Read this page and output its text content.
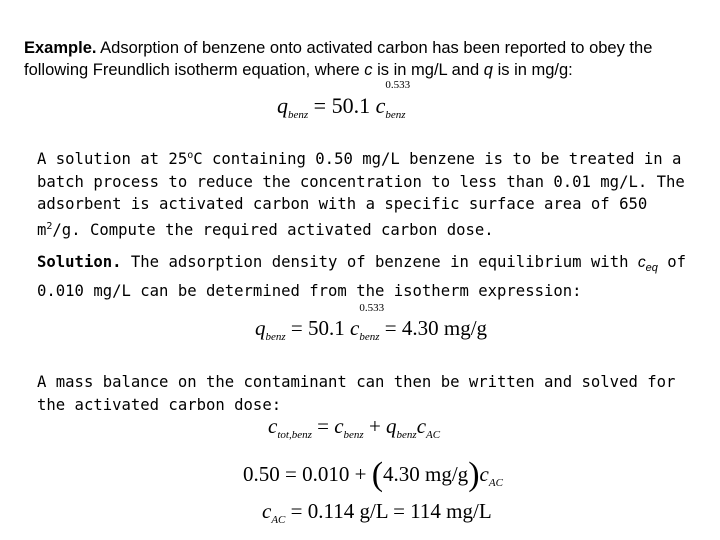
Example. Adsorption of benzene onto activated carbon has been reported to obey the following Freundlich isotherm equation, where c is in mg/L and q is in mg/g:
$q_{benz} = 50.1$ c
0.533
$_{benz}$
A solution at 25$^o$C containing 0.50 mg/L benzene is to be treated in a batch process to reduce the concentration to less than 0.01 mg/L. The adsorbent is activated carbon with a specific surface area of 650 $m^2/g$. Compute the required activated carbon dose.
Solution. The adsorption density of benzene in equilibrium with $c_{eq}$ of 0.010 mg/L can be determined from the isotherm expression:
$q_{benz} = 50.1$ c
0.533
$_{benz}$ = 4.30 mg/g
A mass balance on the contaminant can then be written and solved for the activated carbon dose:
$c_{tot,benz} = c_{benz} + q_{benz}c_{AC}$
0.50 = 0.010 + (4.30 $mg/g)c_{AC}$
$c_{AC} = 0.114$ g/L = 114 mg/L
